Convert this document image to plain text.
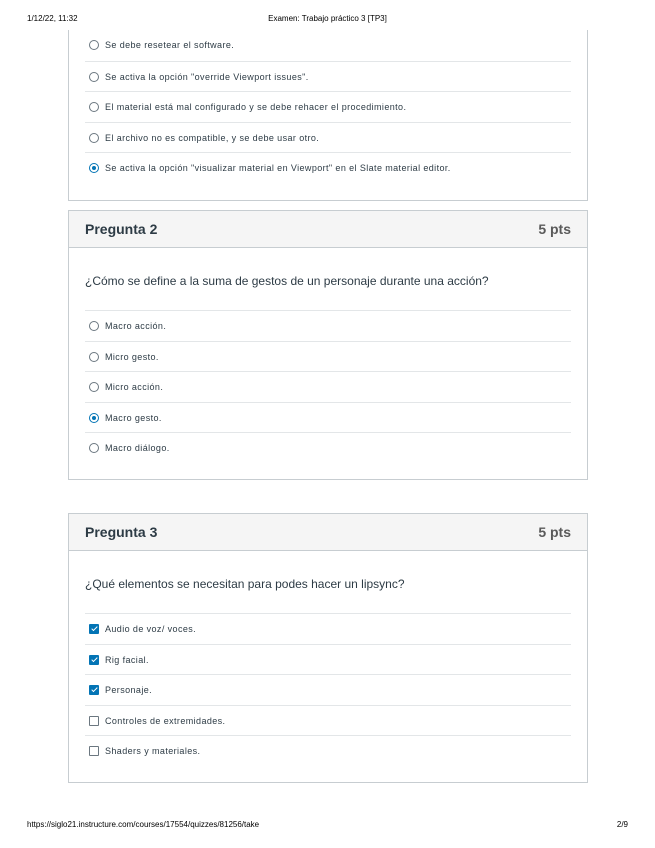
1/12/22, 11:32	Examen: Trabajo práctico 3 [TP3]
Se debe resetear el software.
Se activa la opción "override Viewport issues".
El material está mal configurado y se debe rehacer el procedimiento.
El archivo no es compatible, y se debe usar otro.
Se activa la opción "visualizar material en Viewport" en el Slate material editor.
Pregunta 2	5 pts
¿Cómo se define a la suma de gestos de un personaje durante una acción?
Macro acción.
Micro gesto.
Micro acción.
Macro gesto.
Macro diálogo.
Pregunta 3	5 pts
¿Qué elementos se necesitan para podes hacer un lipsync?
Audio de voz/ voces.
Rig facial.
Personaje.
Controles de extremidades.
Shaders y materiales.
https://siglo21.instructure.com/courses/17554/quizzes/81256/take	2/9
